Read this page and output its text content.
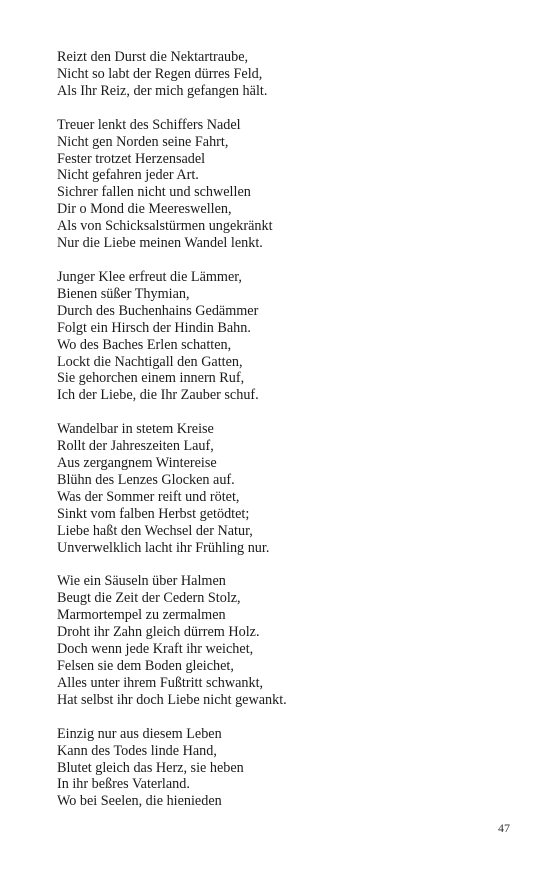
Reizt den Durst die Nektartraube,
Nicht so labt der Regen dürres Feld,
Als Ihr Reiz, der mich gefangen hält.
Treuer lenkt des Schiffers Nadel
Nicht gen Norden seine Fahrt,
Fester trotzet Herzensadel
Nicht gefahren jeder Art.
Sichrer fallen nicht und schwellen
Dir o Mond die Meereswellen,
Als von Schicksalstürmen ungekränkt
Nur die Liebe meinen Wandel lenkt.
Junger Klee erfreut die Lämmer,
Bienen süßer Thymian,
Durch des Buchenhains Gedämmer
Folgt ein Hirsch der Hindin Bahn.
Wo des Baches Erlen schatten,
Lockt die Nachtigall den Gatten,
Sie gehorchen einem innern Ruf,
Ich der Liebe, die Ihr Zauber schuf.
Wandelbar in stetem Kreise
Rollt der Jahreszeiten Lauf,
Aus zergangnem Wintereise
Blühn des Lenzes Glocken auf.
Was der Sommer reift und rötet,
Sinkt vom falben Herbst getödtet;
Liebe haßt den Wechsel der Natur,
Unverwelklich lacht ihr Frühling nur.
Wie ein Säuseln über Halmen
Beugt die Zeit der Cedern Stolz,
Marmortempel zu zermalmen
Droht ihr Zahn gleich dürrem Holz.
Doch wenn jede Kraft ihr weichet,
Felsen sie dem Boden gleichet,
Alles unter ihrem Fußtritt schwankt,
Hat selbst ihr doch Liebe nicht gewankt.
Einzig nur aus diesem Leben
Kann des Todes linde Hand,
Blutet gleich das Herz, sie heben
In ihr beßres Vaterland.
Wo bei Seelen, die hienieden
47
